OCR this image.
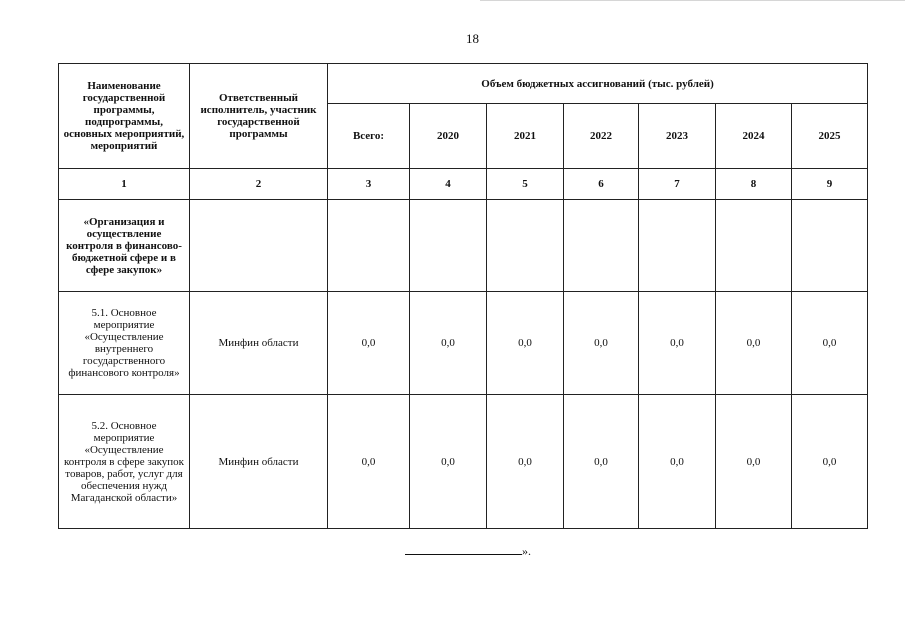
18
Наименование государственной программы, подпрограммы, основных мероприятий, мероприятий	Ответственный исполнитель, участник государственной программы	Объем бюджетных ассигнований (тыс. рублей)						
		Всего:	2020	2021	2022	2023	2024	2025
1	2	3	4	5	6	7	8	9
«Организация и осуществление контроля в финансово-бюджетной сфере и в сфере закупок»								
5.1. Основное мероприятие «Осуществление внутреннего государственного финансового контроля»	Минфин области	0,0	0,0	0,0	0,0	0,0	0,0	0,0
5.2. Основное мероприятие «Осуществление контроля в сфере закупок товаров, работ, услуг для обеспечения нужд Магаданской области»	Минфин области	0,0	0,0	0,0	0,0	0,0	0,0	0,0
».
